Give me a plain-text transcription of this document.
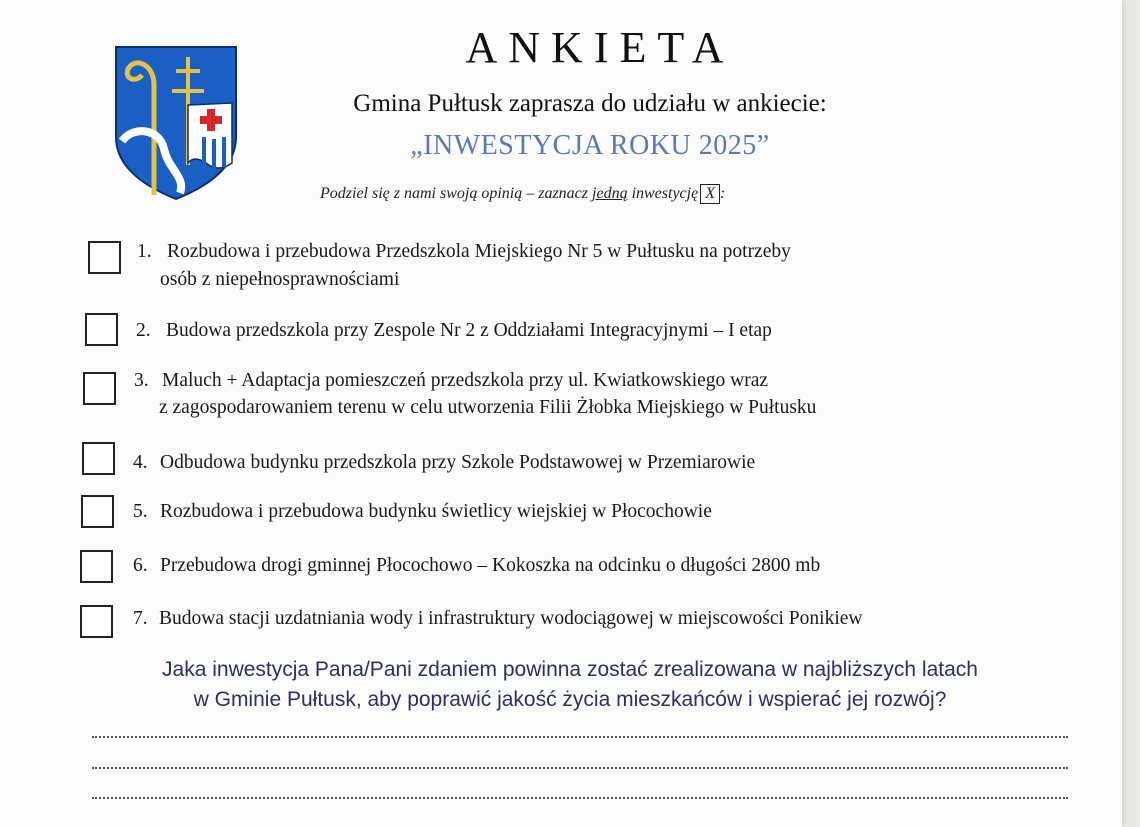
ANKIETA
Gmina Pułtusk zaprasza do udziału w ankiecie:
„INWESTYCJA ROKU 2025”
Podziel się z nami swoją opinią – zaznacz jedną inwestycję X :
1. Rozbudowa i przebudowa Przedszkola Miejskiego Nr 5 w Pułtusku na potrzeby
osób z niepełnosprawnościami
2. Budowa przedszkola przy Zespole Nr 2 z Oddziałami Integracyjnymi – I etap
3. Maluch + Adaptacja pomieszczeń przedszkola przy ul. Kwiatkowskiego wraz
z zagospodarowaniem terenu w celu utworzenia Filii Żłobka Miejskiego w Pułtusku
4. Odbudowa budynku przedszkola przy Szkole Podstawowej w Przemiarowie
5. Rozbudowa i przebudowa budynku świetlicy wiejskiej w Płocochowie
6. Przebudowa drogi gminnej Płocochowo – Kokoszka na odcinku o długości 2800 mb
7. Budowa stacji uzdatniania wody i infrastruktury wodociągowej w miejscowości Ponikiew
Jaka inwestycja Pana/Pani zdaniem powinna zostać zrealizowana w najbliższych latach
w Gminie Pułtusk, aby poprawić jakość życia mieszkańców i wspierać jej rozwój?
